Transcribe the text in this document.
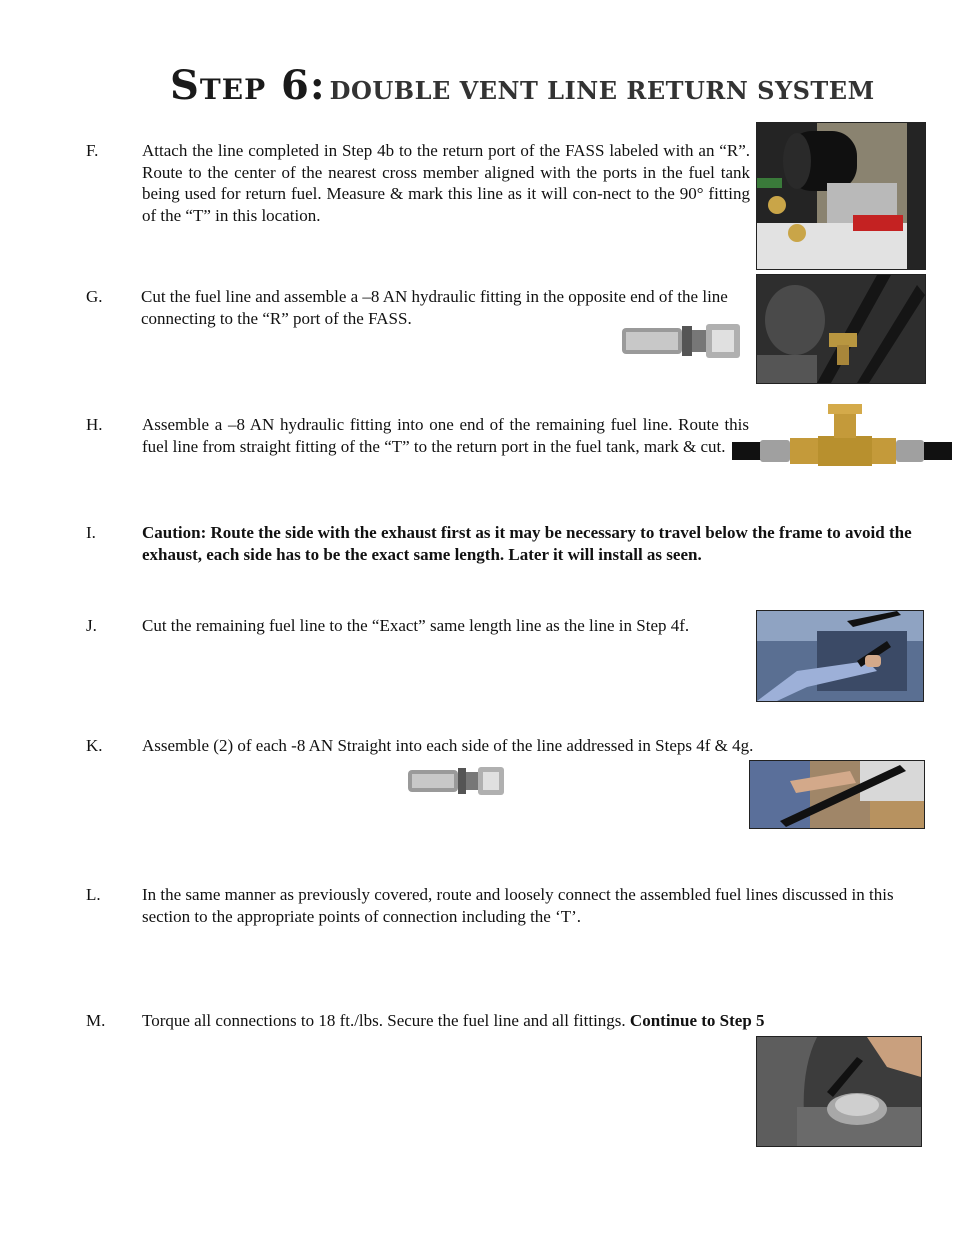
Step 6: DOUBLE VENT LINE RETURN SYSTEM
F.	Attach the line completed in Step 4b to the return port of the FASS labeled with an “R”. Route to the center of the nearest cross member aligned with the ports in the fuel tank being used for return fuel. Measure & mark this line as it will con-nect to the 90° fitting of the “T” in this location.
G. Cut the fuel line and assemble a –8 AN hydraulic fitting in the opposite end of the line connecting to the “R” port of the FASS.
H. Assemble a –8 AN hydraulic fitting into one end of the remaining fuel line. Route this fuel line from straight fitting of the “T” to the return port in the fuel tank, mark & cut.
I.	Caution: Route the side with the exhaust first as it may be necessary to travel below the frame to avoid the exhaust, each side has to be the exact same length. Later it will install as seen.
J.	Cut the remaining fuel line to the “Exact” same length line as the line in Step 4f.
K. Assemble (2) of each -8 AN Straight into each side of the line addressed in Steps 4f & 4g.
L. In the same manner as previously covered, route and loosely connect the assembled fuel lines discussed in this section to the appropriate points of connection including the ‘T’.
M. Torque all connections to 18 ft./lbs. Secure the fuel line and all fittings. Continue to Step 5
